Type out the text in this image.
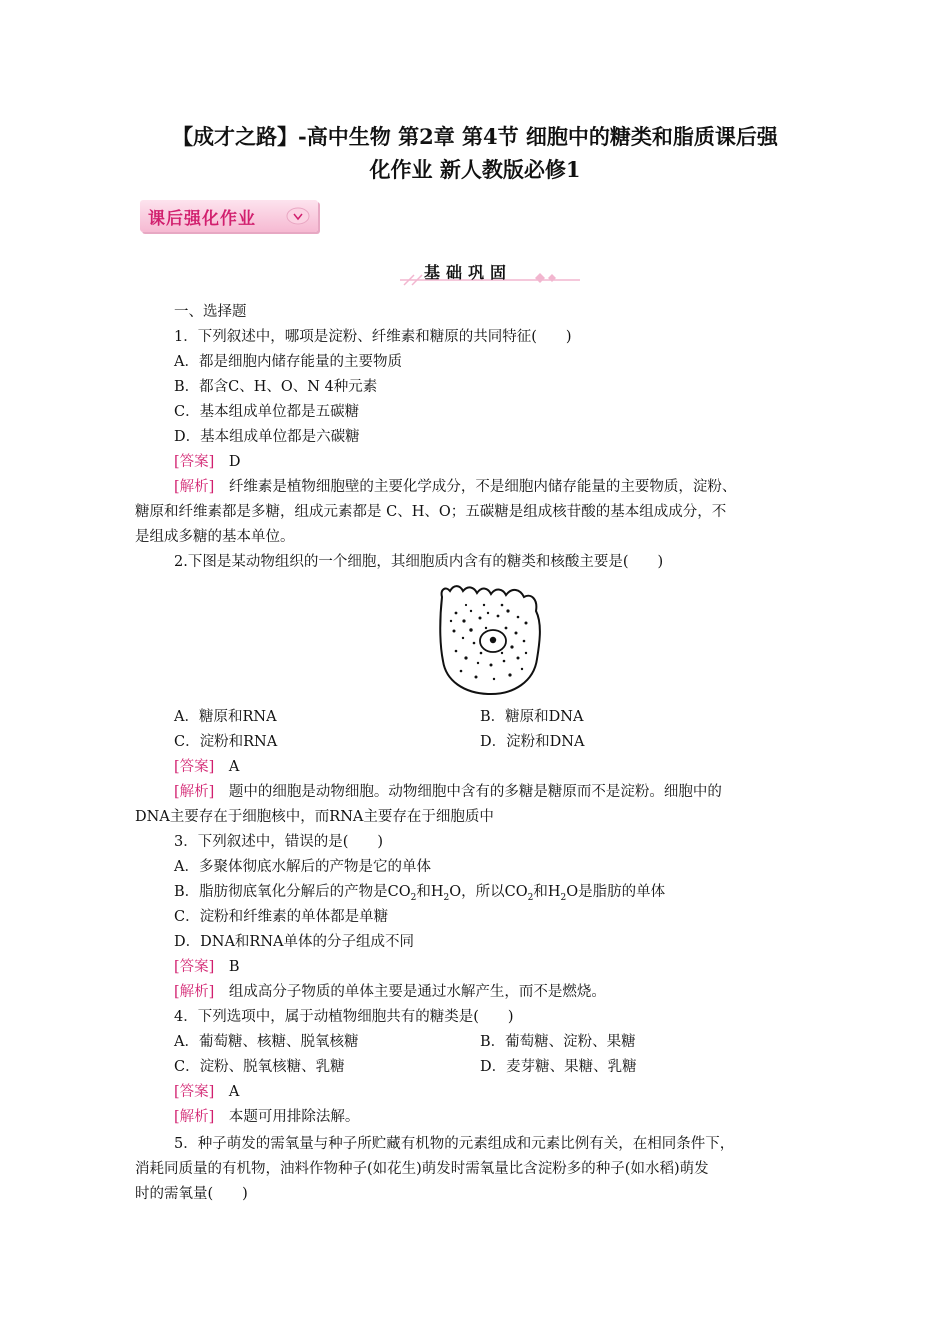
【成才之路】-高中生物 第2章 第4节 细胞中的糖类和脂质课后强
化作业 新人教版必修1
课后强化作业
基础巩固
一、选择题
1．下列叙述中，哪项是淀粉、纤维素和糖原的共同特征(　　)
A．都是细胞内储存能量的主要物质
B．都含C、H、O、N 4种元素
C．基本组成单位都是五碳糖
D．基本组成单位都是六碳糖
[答案]　 D
[解析]　 纤维素是植物细胞壁的主要化学成分，不是细胞内储存能量的主要物质，淀粉、
糖原和纤维素都是多糖，组成元素都是 C、H、O；五碳糖是组成核苷酸的基本组成成分，不
是组成多糖的基本单位。
2.下图是某动物组织的一个细胞，其细胞质内含有的糖类和核酸主要是(　　)
A．糖原和RNA	B．糖原和DNA
C．淀粉和RNA	D．淀粉和DNA
[答案]　 A
[解析]　 题中的细胞是动物细胞。动物细胞中含有的多糖是糖原而不是淀粉。细胞中的
DNA主要存在于细胞核中，而RNA主要存在于细胞质中
3．下列叙述中，错误的是(　　)
A．多聚体彻底水解后的产物是它的单体
B．脂肪彻底氧化分解后的产物是$CO_2$和$H_2O$，所以$CO_2$和$H_2O$是脂肪的单体
C．淀粉和纤维素的单体都是单糖
D．DNA和RNA单体的分子组成不同
[答案]　 B
[解析]　 组成高分子物质的单体主要是通过水解产生，而不是燃烧。
4．下列选项中，属于动植物细胞共有的糖类是(　　)
A．葡萄糖、核糖、脱氧核糖	B．葡萄糖、淀粉、果糖
C．淀粉、脱氧核糖、乳糖	D．麦芽糖、果糖、乳糖
[答案]　 A
[解析]　 本题可用排除法解。
5．种子萌发的需氧量与种子所贮藏有机物的元素组成和元素比例有关，在相同条件下，
消耗同质量的有机物，油料作物种子(如花生)萌发时需氧量比含淀粉多的种子(如水稻)萌发
时的需氧量(　　)
